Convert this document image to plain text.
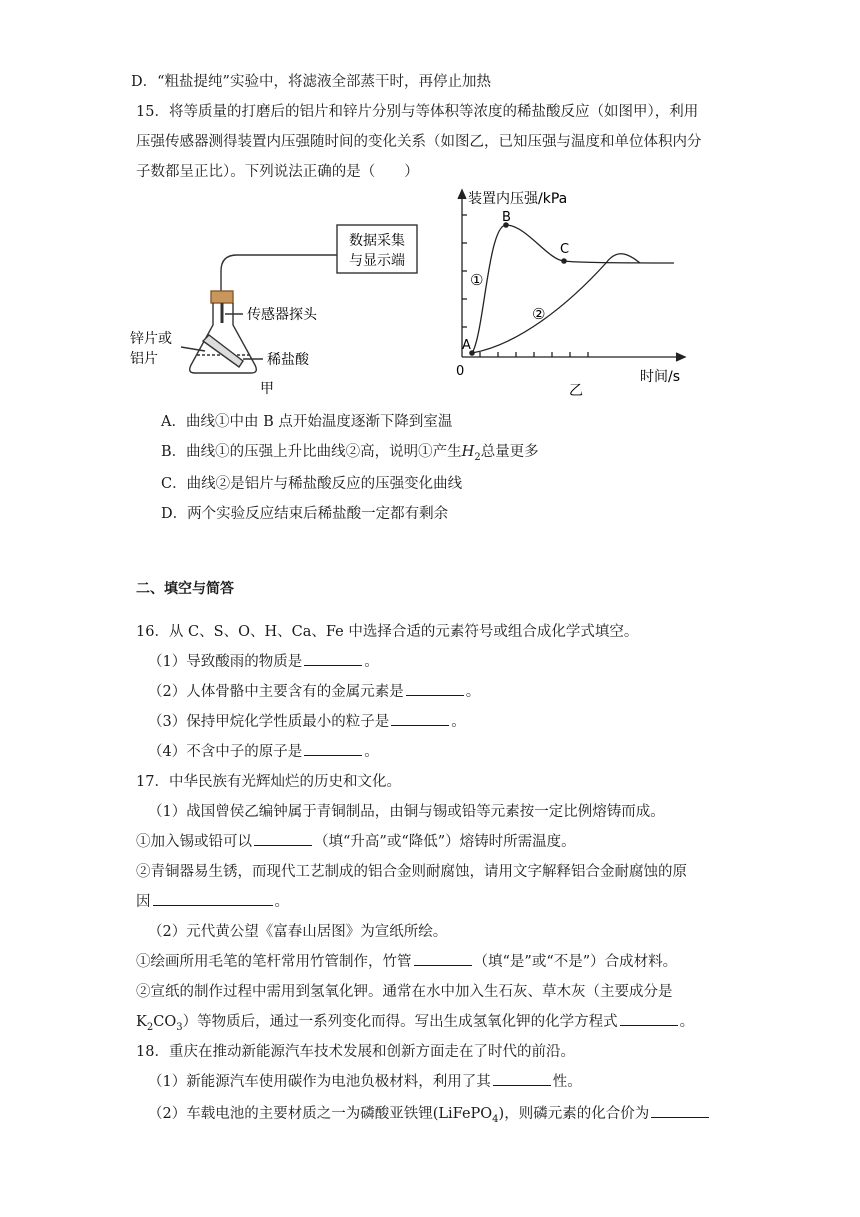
D．“粗盐提纯”实验中，将滤液全部蒸干时，再停止加热
15．将等质量的打磨后的铝片和锌片分别与等体积等浓度的稀盐酸反应（如图甲），利用
压强传感器测得装置内压强随时间的变化关系（如图乙，已知压强与温度和单位体积内分
子数都呈正比）。下列说法正确的是（　　）
数据采集
与显示端
传感器探头
稀盐酸
锌片或
铝片
甲
装置内压强/kPa
时间/s
0
A
B
C
①
②
乙
A．曲线①中由 B 点开始温度逐渐下降到室温
B．曲线①的压强上升比曲线②高，说明①产生$H_2$总量更多
C．曲线②是铝片与稀盐酸反应的压强变化曲线
D．两个实验反应结束后稀盐酸一定都有剩余
二、填空与简答
16．从 C、S、O、H、Ca、Fe 中选择合适的元素符号或组合成化学式填空。
（1）导致酸雨的物质是	。
（2）人体骨骼中主要含有的金属元素是	。
（3）保持甲烷化学性质最小的粒子是	。
（4）不含中子的原子是	。
17．中华民族有光辉灿烂的历史和文化。
（1）战国曾侯乙编钟属于青铜制品，由铜与锡或铅等元素按一定比例熔铸而成。
①加入锡或铅可以	（填“升高”或“降低”）熔铸时所需温度。
②青铜器易生锈，而现代工艺制成的铝合金则耐腐蚀，请用文字解释铝合金耐腐蚀的原
因	。
（2）元代黄公望《富春山居图》为宣纸所绘。
①绘画所用毛笔的笔杆常用竹管制作，竹管	（填“是”或“不是”）合成材料。
②宣纸的制作过程中需用到氢氧化钾。通常在水中加入生石灰、草木灰（主要成分是
$K_2CO_3$）等物质后，通过一系列变化而得。写出生成氢氧化钾的化学方程式	。
18．重庆在推动新能源汽车技术发展和创新方面走在了时代的前沿。
（1）新能源汽车使用碳作为电池负极材料，利用了其	性。
（2）车载电池的主要材质之一为磷酸亚铁锂(LiFePO$_4$)，则磷元素的化合价为
